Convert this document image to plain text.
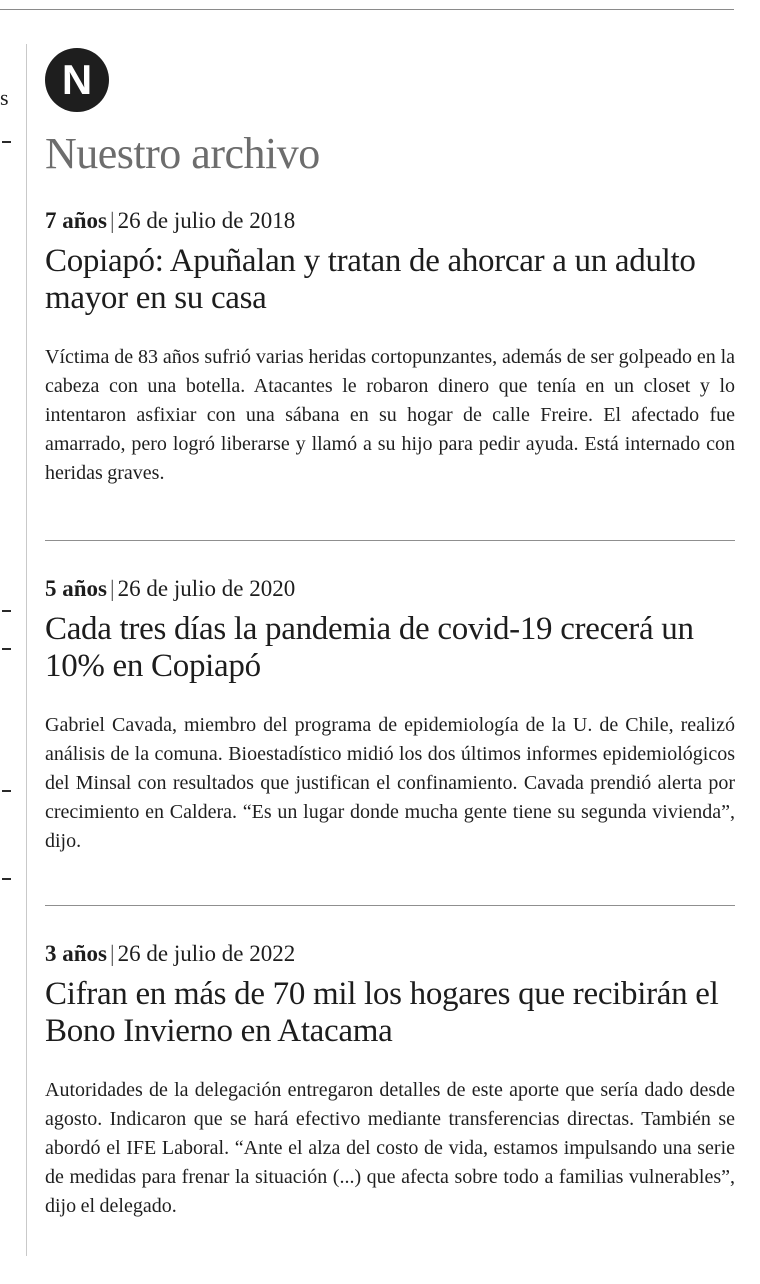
s	N
Nuestro archivo
7 años | 26 de julio de 2018
Copiapó: Apuñalan y tratan de ahorcar a un adulto mayor en su casa

Víctima de 83 años sufrió varias heridas cortopunzantes, además de ser golpeado en la cabeza con una botella. Atacantes le robaron dinero que tenía en un closet y lo intentaron asfixiar con una sábana en su hogar de calle Freire. El afectado fue amarrado, pero logró liberarse y llamó a su hijo para pedir ayuda. Está internado con heridas graves.

5 años | 26 de julio de 2020
Cada tres días la pandemia de covid-19 crecerá un 10% en Copiapó

Gabriel Cavada, miembro del programa de epidemiología de la U. de Chile, realizó análisis de la comuna. Bioestadístico midió los dos últimos informes epidemiológicos del Minsal con resultados que justifican el confinamiento. Cavada prendió alerta por crecimiento en Caldera. “Es un lugar donde mucha gente tiene su segunda vivienda”, dijo.

3 años | 26 de julio de 2022
Cifran en más de 70 mil los hogares que recibirán el Bono Invierno en Atacama

Autoridades de la delegación entregaron detalles de este aporte que sería dado desde agosto. Indicaron que se hará efectivo mediante transferencias directas. También se abordó el IFE Laboral. “Ante el alza del costo de vida, estamos impulsando una serie de medidas para frenar la situación (...) que afecta sobre todo a familias vulnerables”, dijo el delegado.
